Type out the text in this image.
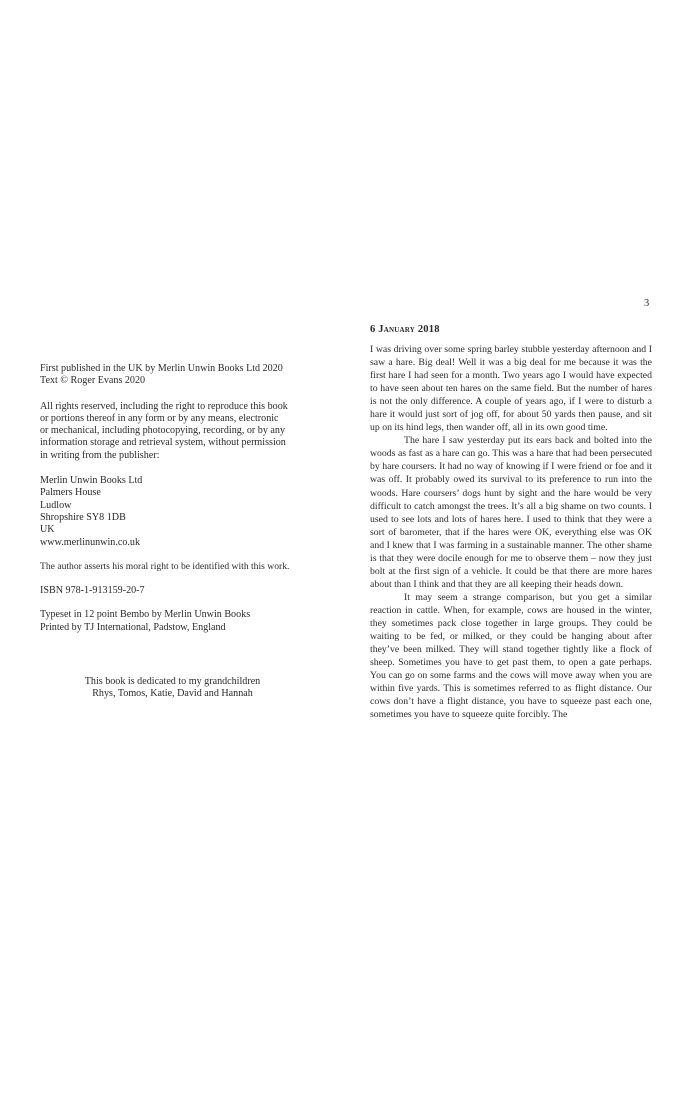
First published in the UK by Merlin Unwin Books Ltd 2020

Text © Roger Evans 2020

All rights reserved, including the right to reproduce this book

or portions thereof in any form or by any means, electronic

or mechanical, including photocopying, recording, or by any

information storage and retrieval system, without permission

in writing from the publisher:

Merlin Unwin Books Ltd

Palmers House

Ludlow

Shropshire SY8 1DB

UK

www.merlinunwin.co.uk

The author asserts his moral right to be identified with this work.

ISBN 978-1-913159-20-7

Typeset in 12 point Bembo by Merlin Unwin Books

Printed by TJ International, Padstow, England

This book is dedicated to my grandchildren

Rhys, Tomos, Katie, David and Hannah

3
6 January 2018

I was driving over some spring barley stubble yesterday afternoon and I saw a hare. Big deal! Well it was a big deal for me because it was the first hare I had seen for a month. Two years ago I would have expected to have seen about ten hares on the same field. But the number of hares is not the only difference. A couple of years ago, if I were to disturb a hare it would just sort of jog off, for about 50 yards then pause, and sit up on its hind legs, then wander off, all in its own good time.

The hare I saw yesterday put its ears back and bolted into the woods as fast as a hare can go. This was a hare that had been persecuted by hare coursers. It had no way of knowing if I were friend or foe and it was off. It probably owed its survival to its preference to run into the woods. Hare coursers’ dogs hunt by sight and the hare would be very difficult to catch amongst the trees. It’s all a big shame on two counts. I used to see lots and lots of hares here. I used to think that they were a sort of barometer, that if the hares were OK, everything else was OK and I knew that I was farming in a sustainable manner. The other shame is that they were docile enough for me to observe them – now they just bolt at the first sign of a vehicle. It could be that there are more hares about than I think and that they are all keeping their heads down.

It may seem a strange comparison, but you get a similar reaction in cattle. When, for example, cows are housed in the winter, they sometimes pack close together in large groups. They could be waiting to be fed, or milked, or they could be hanging about after they’ve been milked. They will stand together tightly like a flock of sheep. Sometimes you have to get past them, to open a gate perhaps. You can go on some farms and the cows will move away when you are within five yards. This is sometimes referred to as flight distance. Our cows don’t have a flight distance, you have to squeeze past each one, sometimes you have to squeeze quite forcibly. The
